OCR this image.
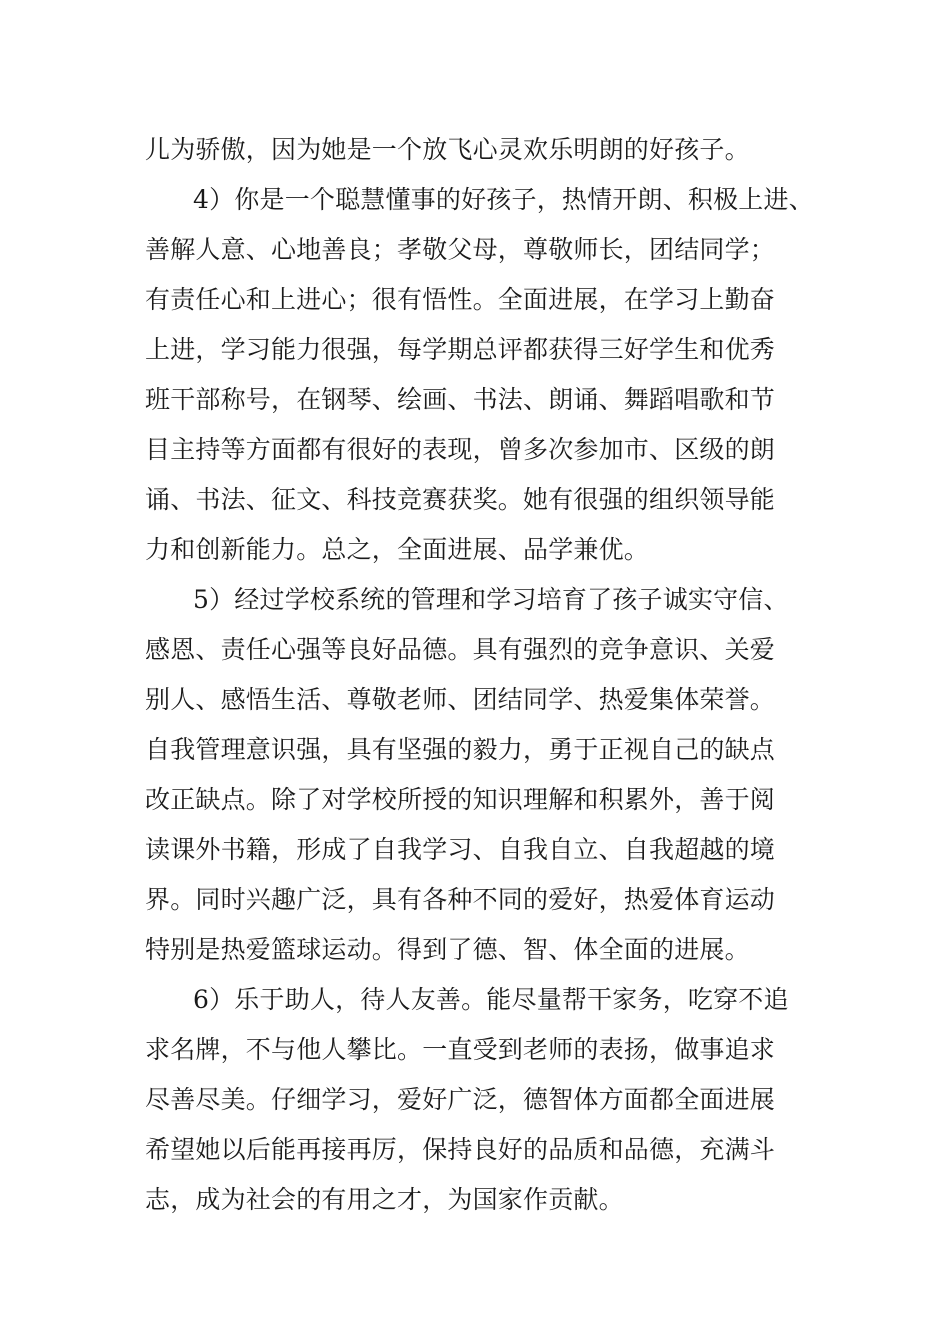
儿为骄傲，因为她是一个放飞心灵欢乐明朗的好孩子。

4）你是一个聪慧懂事的好孩子，热情开朗、积极上进、

善解人意、心地善良；孝敬父母，尊敬师长，团结同学；

有责任心和上进心；很有悟性。全面进展，在学习上勤奋

上进，学习能力很强，每学期总评都获得三好学生和优秀

班干部称号，在钢琴、绘画、书法、朗诵、舞蹈唱歌和节

目主持等方面都有很好的表现，曾多次参加市、区级的朗

诵、书法、征文、科技竞赛获奖。她有很强的组织领导能

力和创新能力。总之，全面进展、品学兼优。

5）经过学校系统的管理和学习培育了孩子诚实守信、

感恩、责任心强等良好品德。具有强烈的竞争意识、关爱

别人、感悟生活、尊敬老师、团结同学、热爱集体荣誉。

自我管理意识强，具有坚强的毅力，勇于正视自己的缺点

改正缺点。除了对学校所授的知识理解和积累外，善于阅

读课外书籍，形成了自我学习、自我自立、自我超越的境

界。同时兴趣广泛，具有各种不同的爱好，热爱体育运动

特别是热爱篮球运动。得到了德、智、体全面的进展。

6）乐于助人，待人友善。能尽量帮干家务，吃穿不追

求名牌，不与他人攀比。一直受到老师的表扬，做事追求

尽善尽美。仔细学习，爱好广泛，德智体方面都全面进展

希望她以后能再接再厉，保持良好的品质和品德，充满斗

志，成为社会的有用之才，为国家作贡献。
